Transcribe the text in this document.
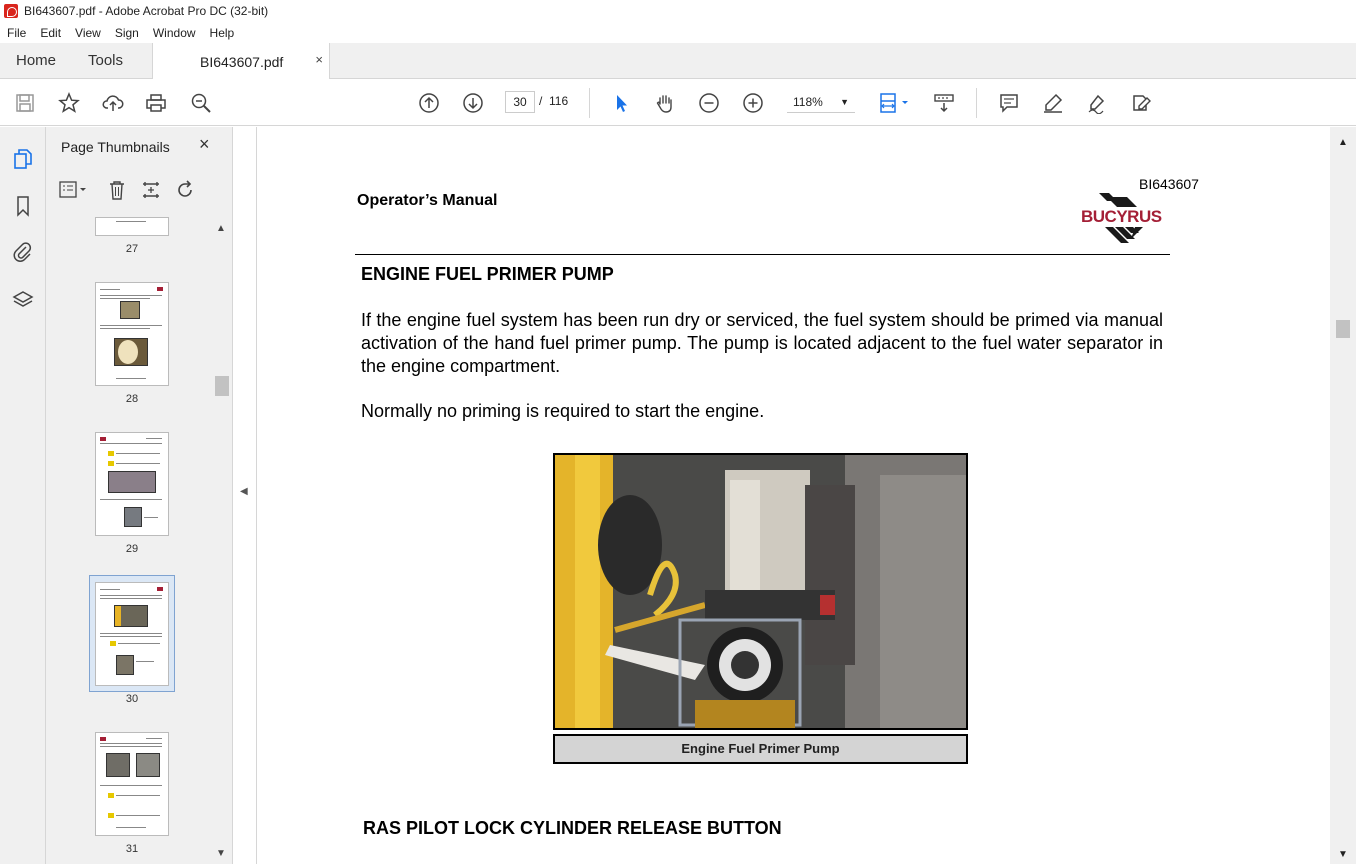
BI643607.pdf - Adobe Acrobat Pro DC (32-bit)
File	Edit	View	Sign	Window	Help
Home Tools	BI643607.pdf ×
30	/ 116	118% ▼
Page Thumbnails ×
▲
▼
27
28
29
30
31
◀
Operator’s Manual
BI643607
BUCYRUS
ENGINE FUEL PRIMER PUMP
If the engine fuel system has been run dry or serviced, the fuel system should be primed via manual activation of the hand fuel primer pump. The pump is located adjacent to the fuel water separator in the engine compartment.
Normally no priming is required to start the engine.
Engine Fuel Primer Pump
RAS PILOT LOCK CYLINDER RELEASE BUTTON
▲
▼
